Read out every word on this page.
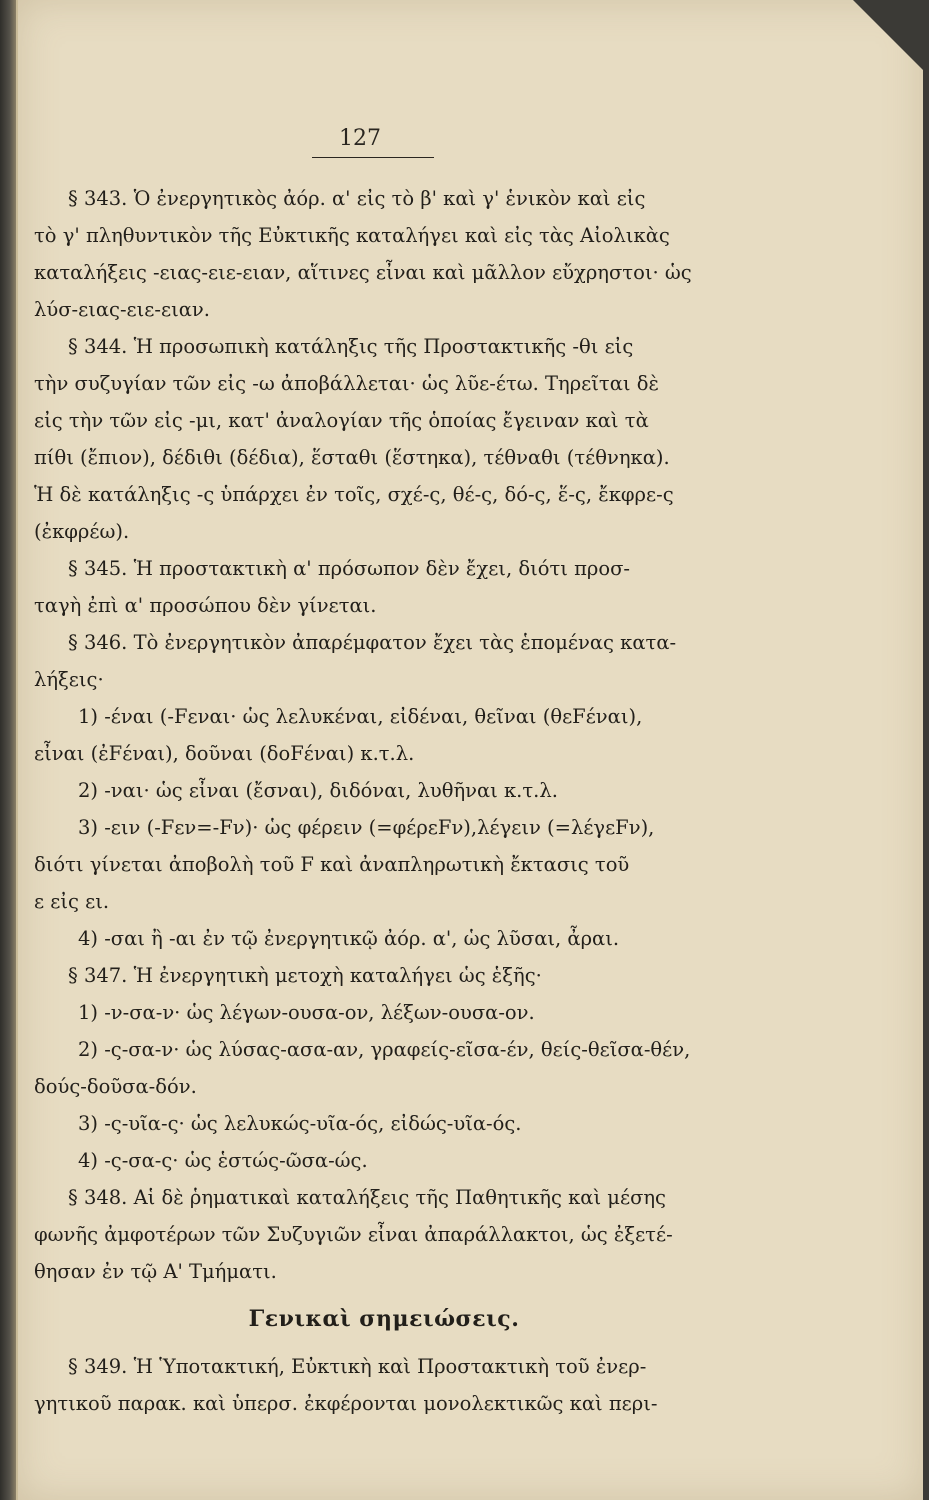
127
§ 343. Ὁ ἐνεργητικὸς ἀόρ. α' εἰς τὸ β' καὶ γ' ἑνικὸν καὶ εἰς
τὸ γ' πληθυντικὸν τῆς Εὐκτικῆς καταλήγει καὶ εἰς τὰς Αἰολικὰς
καταλήξεις -ειας-ειε-ειαν, αἵτινες εἶναι καὶ μᾶλλον εὔχρηστοι· ὡς
λύσ-ειας-ειε-ειαν.
§ 344. Ἡ προσωπικὴ κατάληξις τῆς Προστακτικῆς -θι εἰς
τὴν συζυγίαν τῶν εἰς -ω ἀποβάλλεται· ὡς λῦε-έτω. Τηρεῖται δὲ
εἰς τὴν τῶν εἰς -μι, κατ' ἀναλογίαν τῆς ὁποίας ἔγειναν καὶ τὰ
πίθι (ἔπιον), δέδιθι (δέδια), ἕσταθι (ἕστηκα), τέθναθι (τέθνηκα).
Ἡ δὲ κατάληξις -ς ὑπάρχει ἐν τοῖς, σχέ-ς, θέ-ς, δό-ς, ἕ-ς, ἔκφρε-ς
(ἐκφρέω).
§ 345. Ἡ προστακτικὴ α' πρόσωπον δὲν ἔχει, διότι προσ-
ταγὴ ἐπὶ α' προσώπου δὲν γίνεται.
§ 346. Τὸ ἐνεργητικὸν ἀπαρέμφατον ἔχει τὰς ἑπομένας κατα-
λήξεις·
1) -έναι (-Fεναι· ὡς λελυκέναι, εἰδέναι, θεῖναι (θεFέναι),
εἶναι (ἐFέναι), δοῦναι (δοFέναι) κ.τ.λ.
2) -ναι· ὡς εἶναι (ἔσναι), διδόναι, λυθῆναι κ.τ.λ.
3) -ειν (-Fεν=-Fν)· ὡς φέρειν (=φέρεFν),λέγειν (=λέγεFν),
διότι γίνεται ἀποβολὴ τοῦ F καὶ ἀναπληρωτικὴ ἔκτασις τοῦ
ε εἰς ει.
4) -σαι ἢ -αι ἐν τῷ ἐνεργητικῷ ἀόρ. α', ὡς λῦσαι, ἆραι.
§ 347. Ἡ ἐνεργητικὴ μετοχὴ καταλήγει ὡς ἑξῆς·
1) -ν-σα-ν· ὡς λέγων-ουσα-ον, λέξων-ουσα-ον.
2) -ς-σα-ν· ὡς λύσας-ασα-αν, γραφείς-εῖσα-έν, θείς-θεῖσα-θέν,
δούς-δοῦσα-δόν.
3) -ς-υῖα-ς· ὡς λελυκώς-υῖα-ός, εἰδώς-υῖα-ός.
4) -ς-σα-ς· ὡς ἑστώς-ῶσα-ώς.
§ 348. Αἱ δὲ ῥηματικαὶ καταλήξεις τῆς Παθητικῆς καὶ μέσης
φωνῆς ἀμφοτέρων τῶν Συζυγιῶν εἶναι ἀπαράλλακτοι, ὡς ἐξετέ-
θησαν ἐν τῷ Α' Τμήματι.
Γενικαὶ σημειώσεις.
§ 349. Ἡ Ὑποτακτική, Εὐκτικὴ καὶ Προστακτικὴ τοῦ ἐνερ-
γητικοῦ παρακ. καὶ ὑπερσ. ἐκφέρονται μονολεκτικῶς καὶ περι-
